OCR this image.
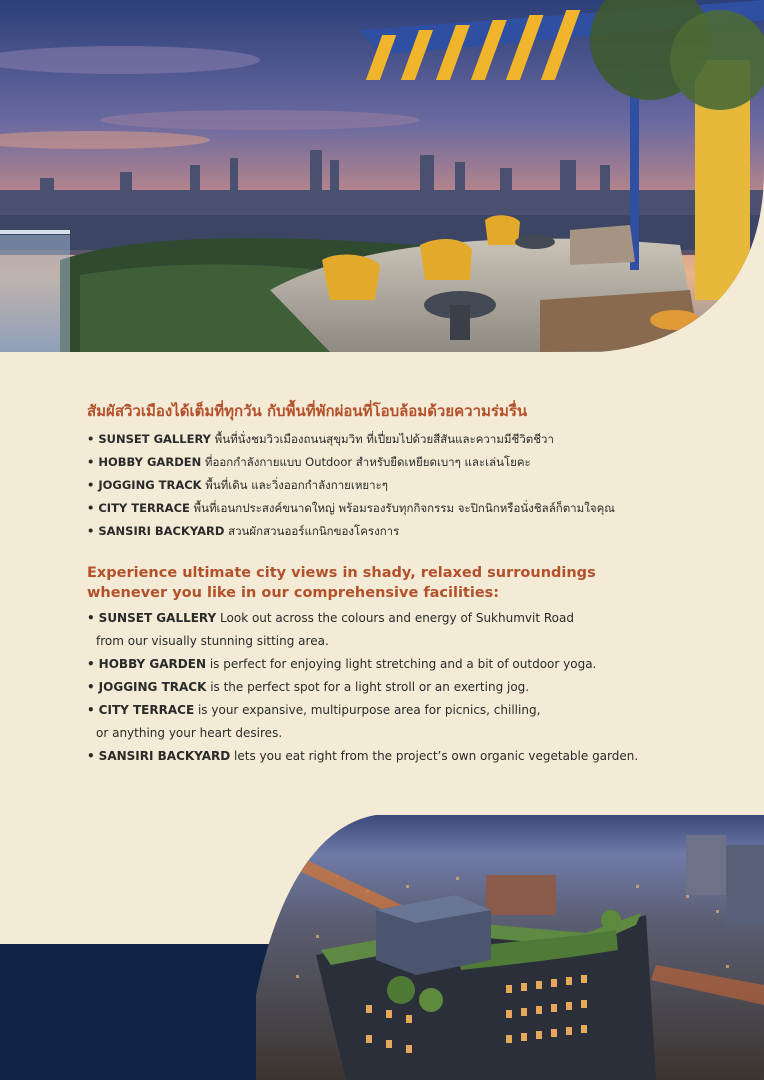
สัมผัสวิวเมืองได้เต็มที่ทุกวัน กับพื้นที่พักผ่อนที่โอบล้อมด้วยความร่มรื่น
• SUNSET GALLERY พื้นที่นั่งชมวิวเมืองถนนสุขุมวิท ที่เปี่ยมไปด้วยสีสันและความมีชีวิตชีวา
• HOBBY GARDEN ที่ออกกำลังกายแบบ Outdoor สำหรับยืดเหยียดเบาๆ และเล่นโยคะ
• JOGGING TRACK พื้นที่เดิน และวิ่งออกกำลังกายเหยาะๆ
• CITY TERRACE พื้นที่เอนกประสงค์ขนาดใหญ่ พร้อมรองรับทุกกิจกรรม จะปิกนิกหรือนั่งชิลล์ก็ตามใจคุณ
• SANSIRI BACKYARD สวนผักสวนออร์แกนิกของโครงการ
Experience ultimate city views in shady, relaxed surroundings
whenever you like in our comprehensive facilities:
• SUNSET GALLERY Look out across the colours and energy of Sukhumvit Road
from our visually stunning sitting area.
• HOBBY GARDEN is perfect for enjoying light stretching and a bit of outdoor yoga.
• JOGGING TRACK is the perfect spot for a light stroll or an exerting jog.
• CITY TERRACE is your expansive, multipurpose area for picnics, chilling,
or anything your heart desires.
• SANSIRI BACKYARD lets you eat right from the project’s own organic vegetable garden.
